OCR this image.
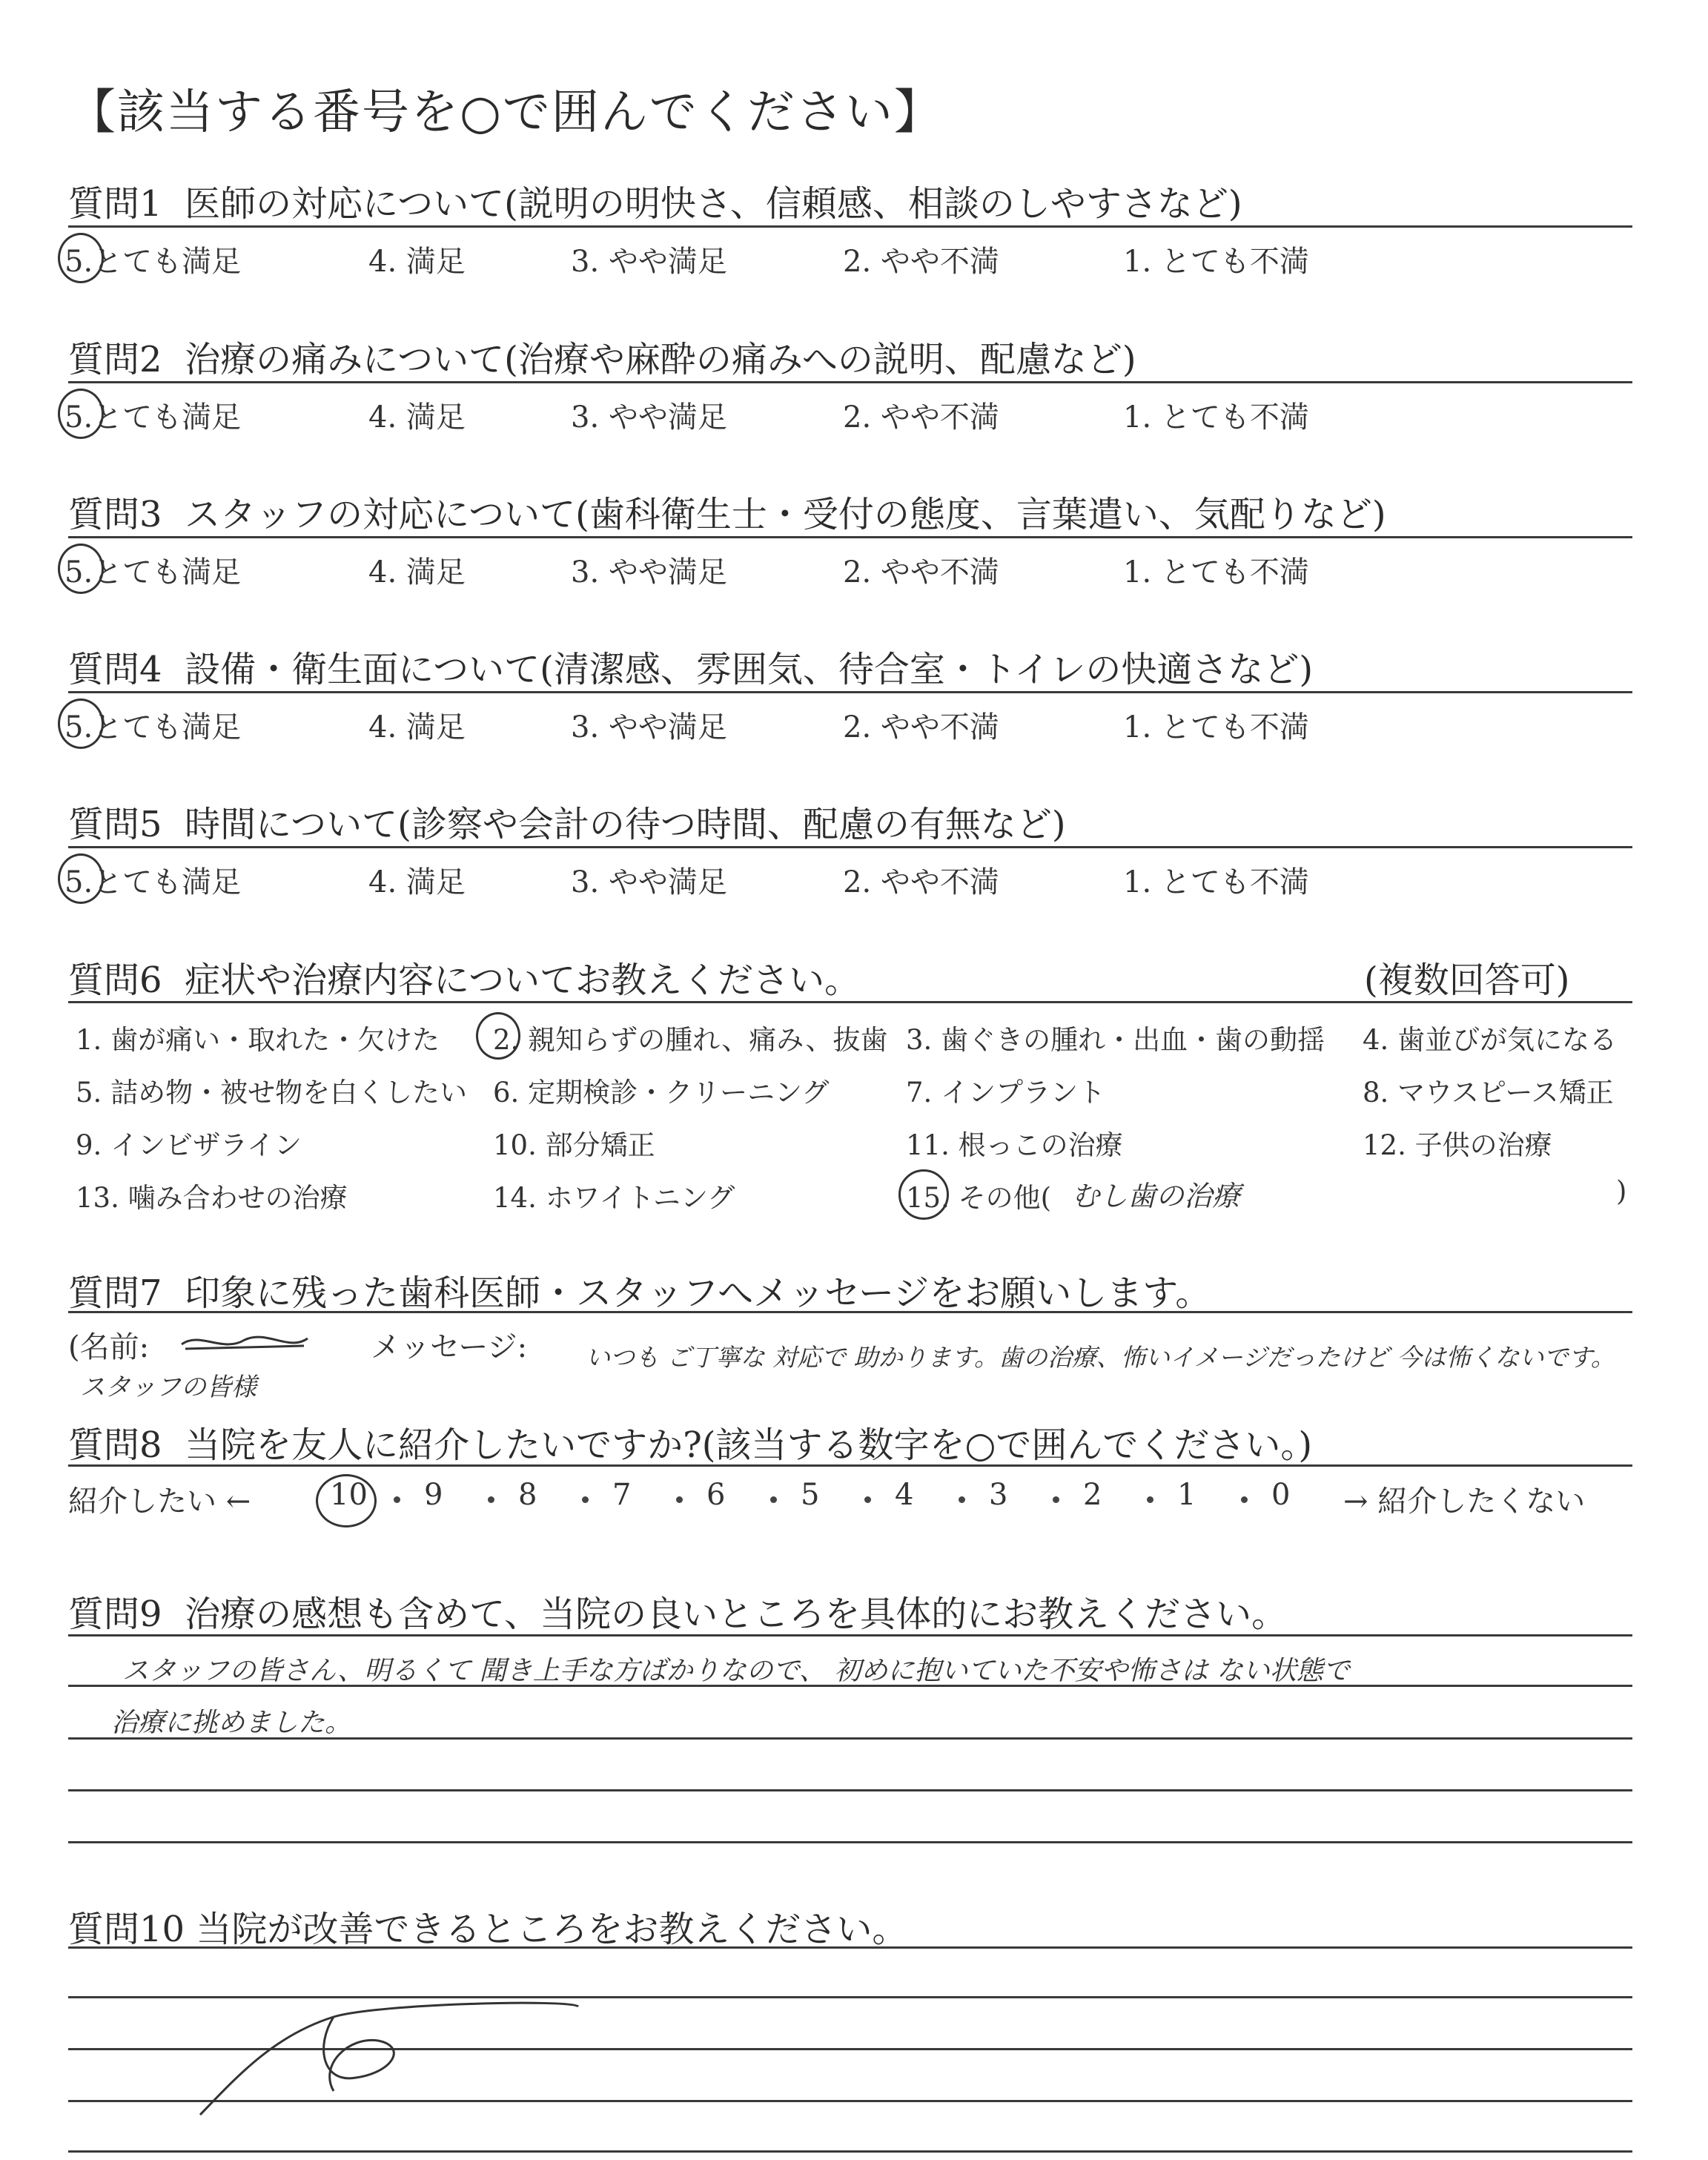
【該当する番号を○で囲んでください】
質問1 医師の対応について(説明の明快さ、信頼感、相談のしやすさなど)
5.とても満足	4. 満足	3. やや満足	2. やや不満	1. とても不満
質問2 治療の痛みについて(治療や麻酔の痛みへの説明、配慮など)
5.とても満足	4. 満足	3. やや満足	2. やや不満	1. とても不満
質問3 スタッフの対応について(歯科衛生士・受付の態度、言葉遣い、気配りなど)
5.とても満足	4. 満足	3. やや満足	2. やや不満	1. とても不満
質問4 設備・衛生面について(清潔感、雰囲気、待合室・トイレの快適さなど)
5.とても満足	4. 満足	3. やや満足	2. やや不満	1. とても不満
質問5 時間について(診察や会計の待つ時間、配慮の有無など)
5.とても満足	4. 満足	3. やや満足	2. やや不満	1. とても不満
質問6 症状や治療内容についてお教えください。	(複数回答可)
1. 歯が痛い・取れた・欠けた 2. 親知らずの腫れ、痛み、抜歯 3. 歯ぐきの腫れ・出血・歯の動揺 4. 歯並びが気になる
5. 詰め物・被せ物を白くしたい 6. 定期検診・クリーニング	7. インプラント	8. マウスピース矯正
9. インビザライン	10. 部分矯正	11. 根っこの治療	12. 子供の治療
13. 噛み合わせの治療	14. ホワイトニング	15. その他( むし歯の治療	)
質問7 印象に残った歯科医師・スタッフへメッセージをお願いします。
(名前:
スタッフの皆様
メッセージ: いつも ご丁寧な 対応で 助かります。歯の治療、怖いイメージだったけど 今は怖くないです。
質問8 当院を友人に紹介したいですか?(該当する数字を○で囲んでください。)
紹介したい ←	10 9	8	7	6	5	4	3	2	1	0 → 紹介したくない
質問9 治療の感想も含めて、当院の良いところを具体的にお教えください。
スタッフの皆さん、明るくて 聞き上手な方ばかりなので、 初めに抱いていた不安や怖さは ない状態で
治療に挑めました。
質問10 当院が改善できるところをお教えください。
